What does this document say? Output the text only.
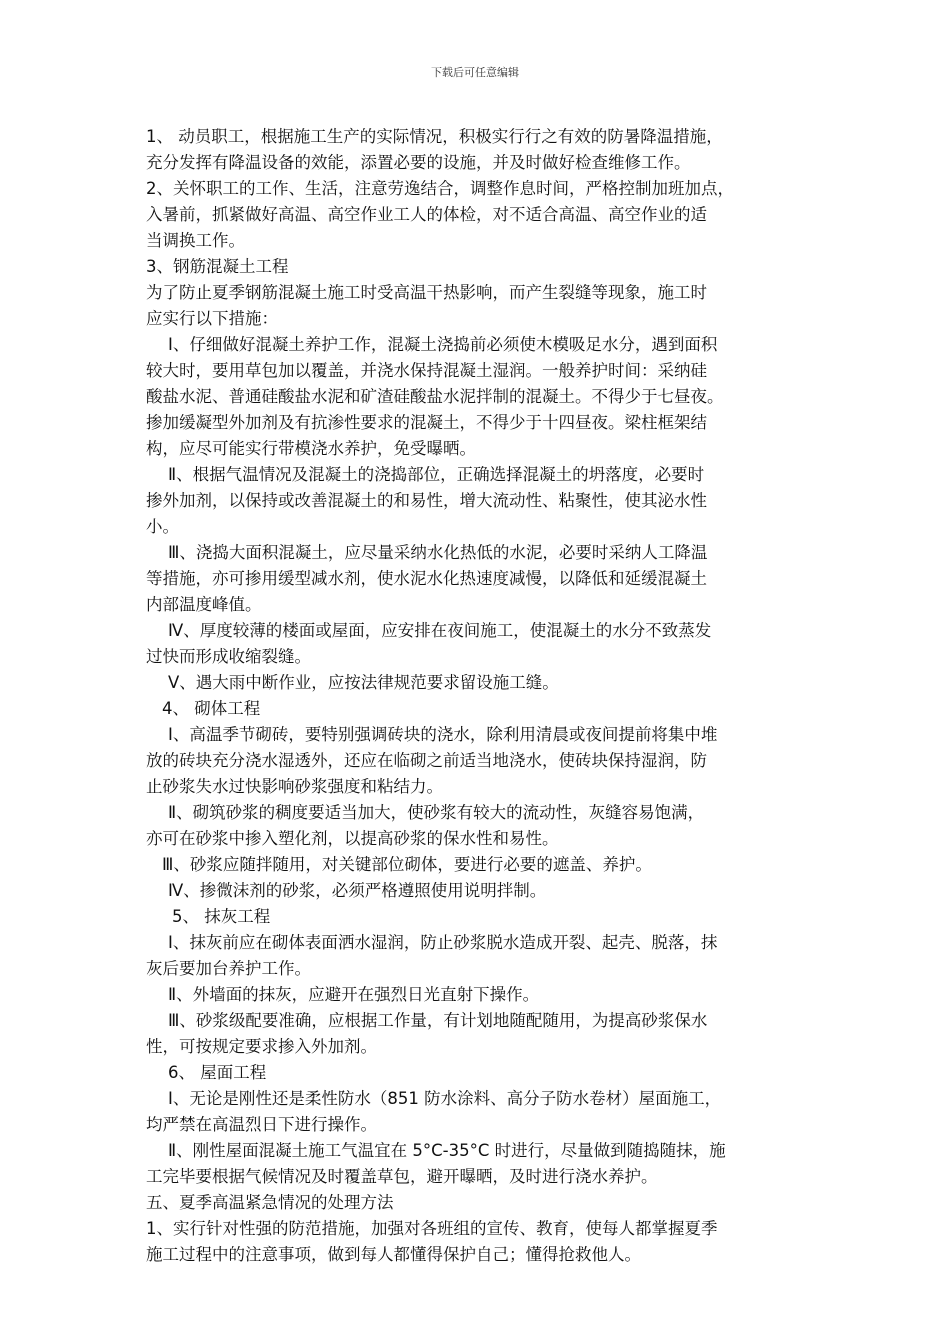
下载后可任意编辑
1、 动员职工，根据施工生产的实际情况，积极实行行之有效的防暑降温措施，
充分发挥有降温设备的效能，添置必要的设施，并及时做好检查维修工作。
2、关怀职工的工作、生活，注意劳逸结合，调整作息时间，严格控制加班加点，
入暑前，抓紧做好高温、高空作业工人的体检，对不适合高温、高空作业的适
当调换工作。
3、钢筋混凝土工程
为了防止夏季钢筋混凝土施工时受高温干热影响，而产生裂缝等现象，施工时
应实行以下措施：
Ⅰ、仔细做好混凝土养护工作，混凝土浇捣前必须使木模吸足水分，遇到面积
较大时，要用草包加以覆盖，并浇水保持混凝土湿润。一般养护时间：采纳硅
酸盐水泥、普通硅酸盐水泥和矿渣硅酸盐水泥拌制的混凝土。不得少于七昼夜。
掺加缓凝型外加剂及有抗渗性要求的混凝土，不得少于十四昼夜。梁柱框架结
构，应尽可能实行带模浇水养护，免受曝晒。
Ⅱ、根据气温情况及混凝土的浇捣部位，正确选择混凝土的坍落度，必要时
掺外加剂，以保持或改善混凝土的和易性，增大流动性、粘聚性，使其泌水性
小。
Ⅲ、浇捣大面积混凝土，应尽量采纳水化热低的水泥，必要时采纳人工降温
等措施，亦可掺用缓型减水剂，使水泥水化热速度减慢，以降低和延缓混凝土
内部温度峰值。
Ⅳ、厚度较薄的楼面或屋面，应安排在夜间施工，使混凝土的水分不致蒸发
过快而形成收缩裂缝。
Ⅴ、遇大雨中断作业，应按法律规范要求留设施工缝。
4、 砌体工程
Ⅰ、高温季节砌砖，要特别强调砖块的浇水，除利用清晨或夜间提前将集中堆
放的砖块充分浇水湿透外，还应在临砌之前适当地浇水，使砖块保持湿润，防
止砂浆失水过快影响砂浆强度和粘结力。
Ⅱ、砌筑砂浆的稠度要适当加大，使砂浆有较大的流动性，灰缝容易饱满，
亦可在砂浆中掺入塑化剂，以提高砂浆的保水性和易性。
Ⅲ、砂浆应随拌随用，对关键部位砌体，要进行必要的遮盖、养护。
Ⅳ、掺微沫剂的砂浆，必须严格遵照使用说明拌制。
5、 抹灰工程
Ⅰ、抹灰前应在砌体表面洒水湿润，防止砂浆脱水造成开裂、起壳、脱落，抹
灰后要加台养护工作。
Ⅱ、外墙面的抹灰，应避开在强烈日光直射下操作。
Ⅲ、砂浆级配要准确，应根据工作量，有计划地随配随用，为提高砂浆保水
性，可按规定要求掺入外加剂。
6、 屋面工程
Ⅰ、无论是刚性还是柔性防水（851 防水涂料、高分子防水卷材）屋面施工，
均严禁在高温烈日下进行操作。
Ⅱ、刚性屋面混凝土施工气温宜在 5°C-35°C 时进行，尽量做到随捣随抹，施
工完毕要根据气候情况及时覆盖草包，避开曝晒，及时进行浇水养护。
五、夏季高温紧急情况的处理方法
1、实行针对性强的防范措施，加强对各班组的宣传、教育，使每人都掌握夏季
施工过程中的注意事项，做到每人都懂得保护自己；懂得抢救他人。
